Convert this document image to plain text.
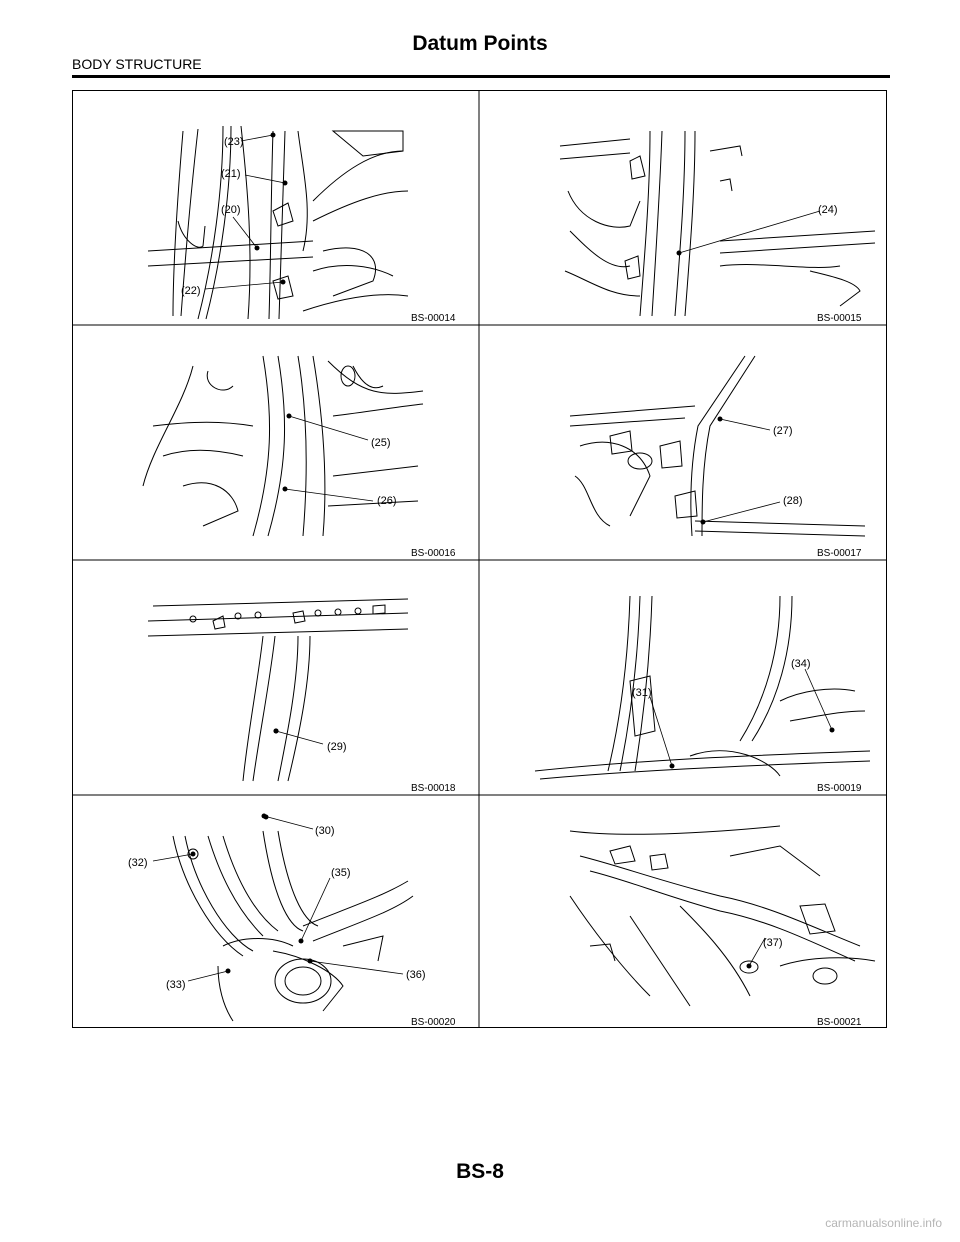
Datum Points
BODY STRUCTURE
(23)
(21)
(20)
(22)
BS-00014
(24)
BS-00015
(25)
(26)
BS-00016
(27)
(28)
BS-00017
(29)
(30)
BS-00018
(34)
(31)
BS-00019
(32)
(35)
(33)
(36)
BS-00020
(37)
BS-00021
BS-8
carmanualsonline.info
